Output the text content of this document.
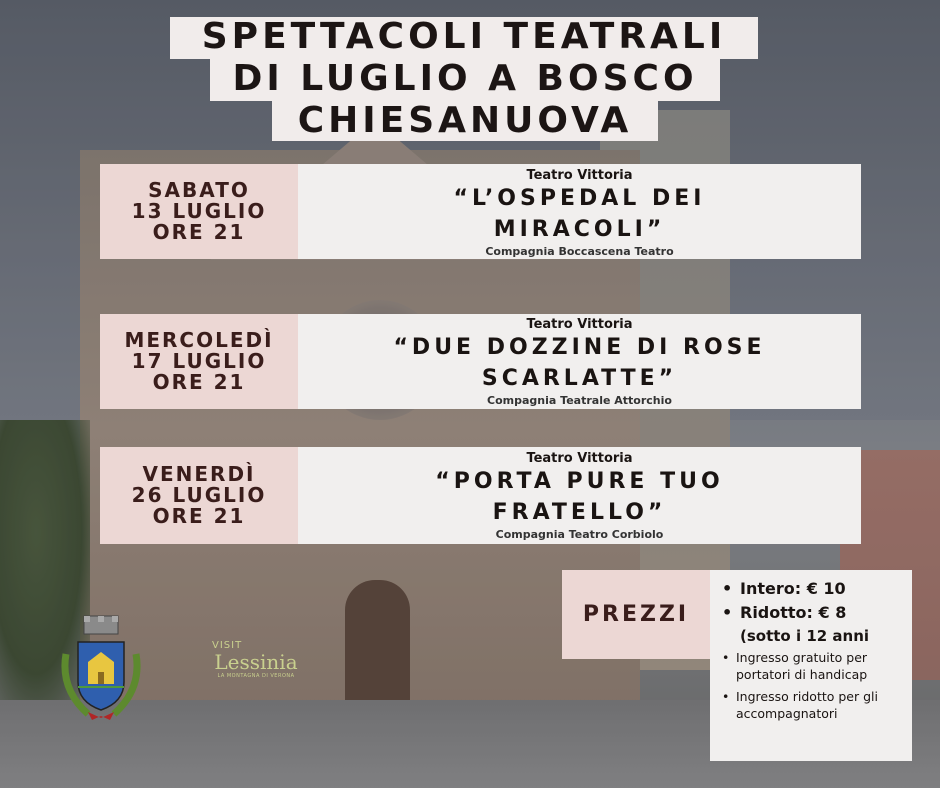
SPETTACOLI TEATRALI
DI LUGLIO A BOSCO
CHIESANUOVA
SABATO
13 LUGLIO
ORE 21
Teatro Vittoria
“L’OSPEDAL DEI
MIRACOLI”
Compagnia Boccascena Teatro
MERCOLEDÌ
17 LUGLIO
ORE 21
Teatro Vittoria
“DUE DOZZINE DI ROSE
SCARLATTE”
Compagnia Teatrale Attorchio
VENERDÌ
26 LUGLIO
ORE 21
Teatro Vittoria
“PORTA PURE TUO
FRATELLO”
Compagnia Teatro Corbiolo
PREZZI
• Intero: € 10
• Ridotto: € 8
(sotto i 12 anni
• Ingresso gratuito per portatori di handicap
• Ingresso ridotto per gli accompagnatori
VISIT
Lessinia
LA MONTAGNA DI VERONA
